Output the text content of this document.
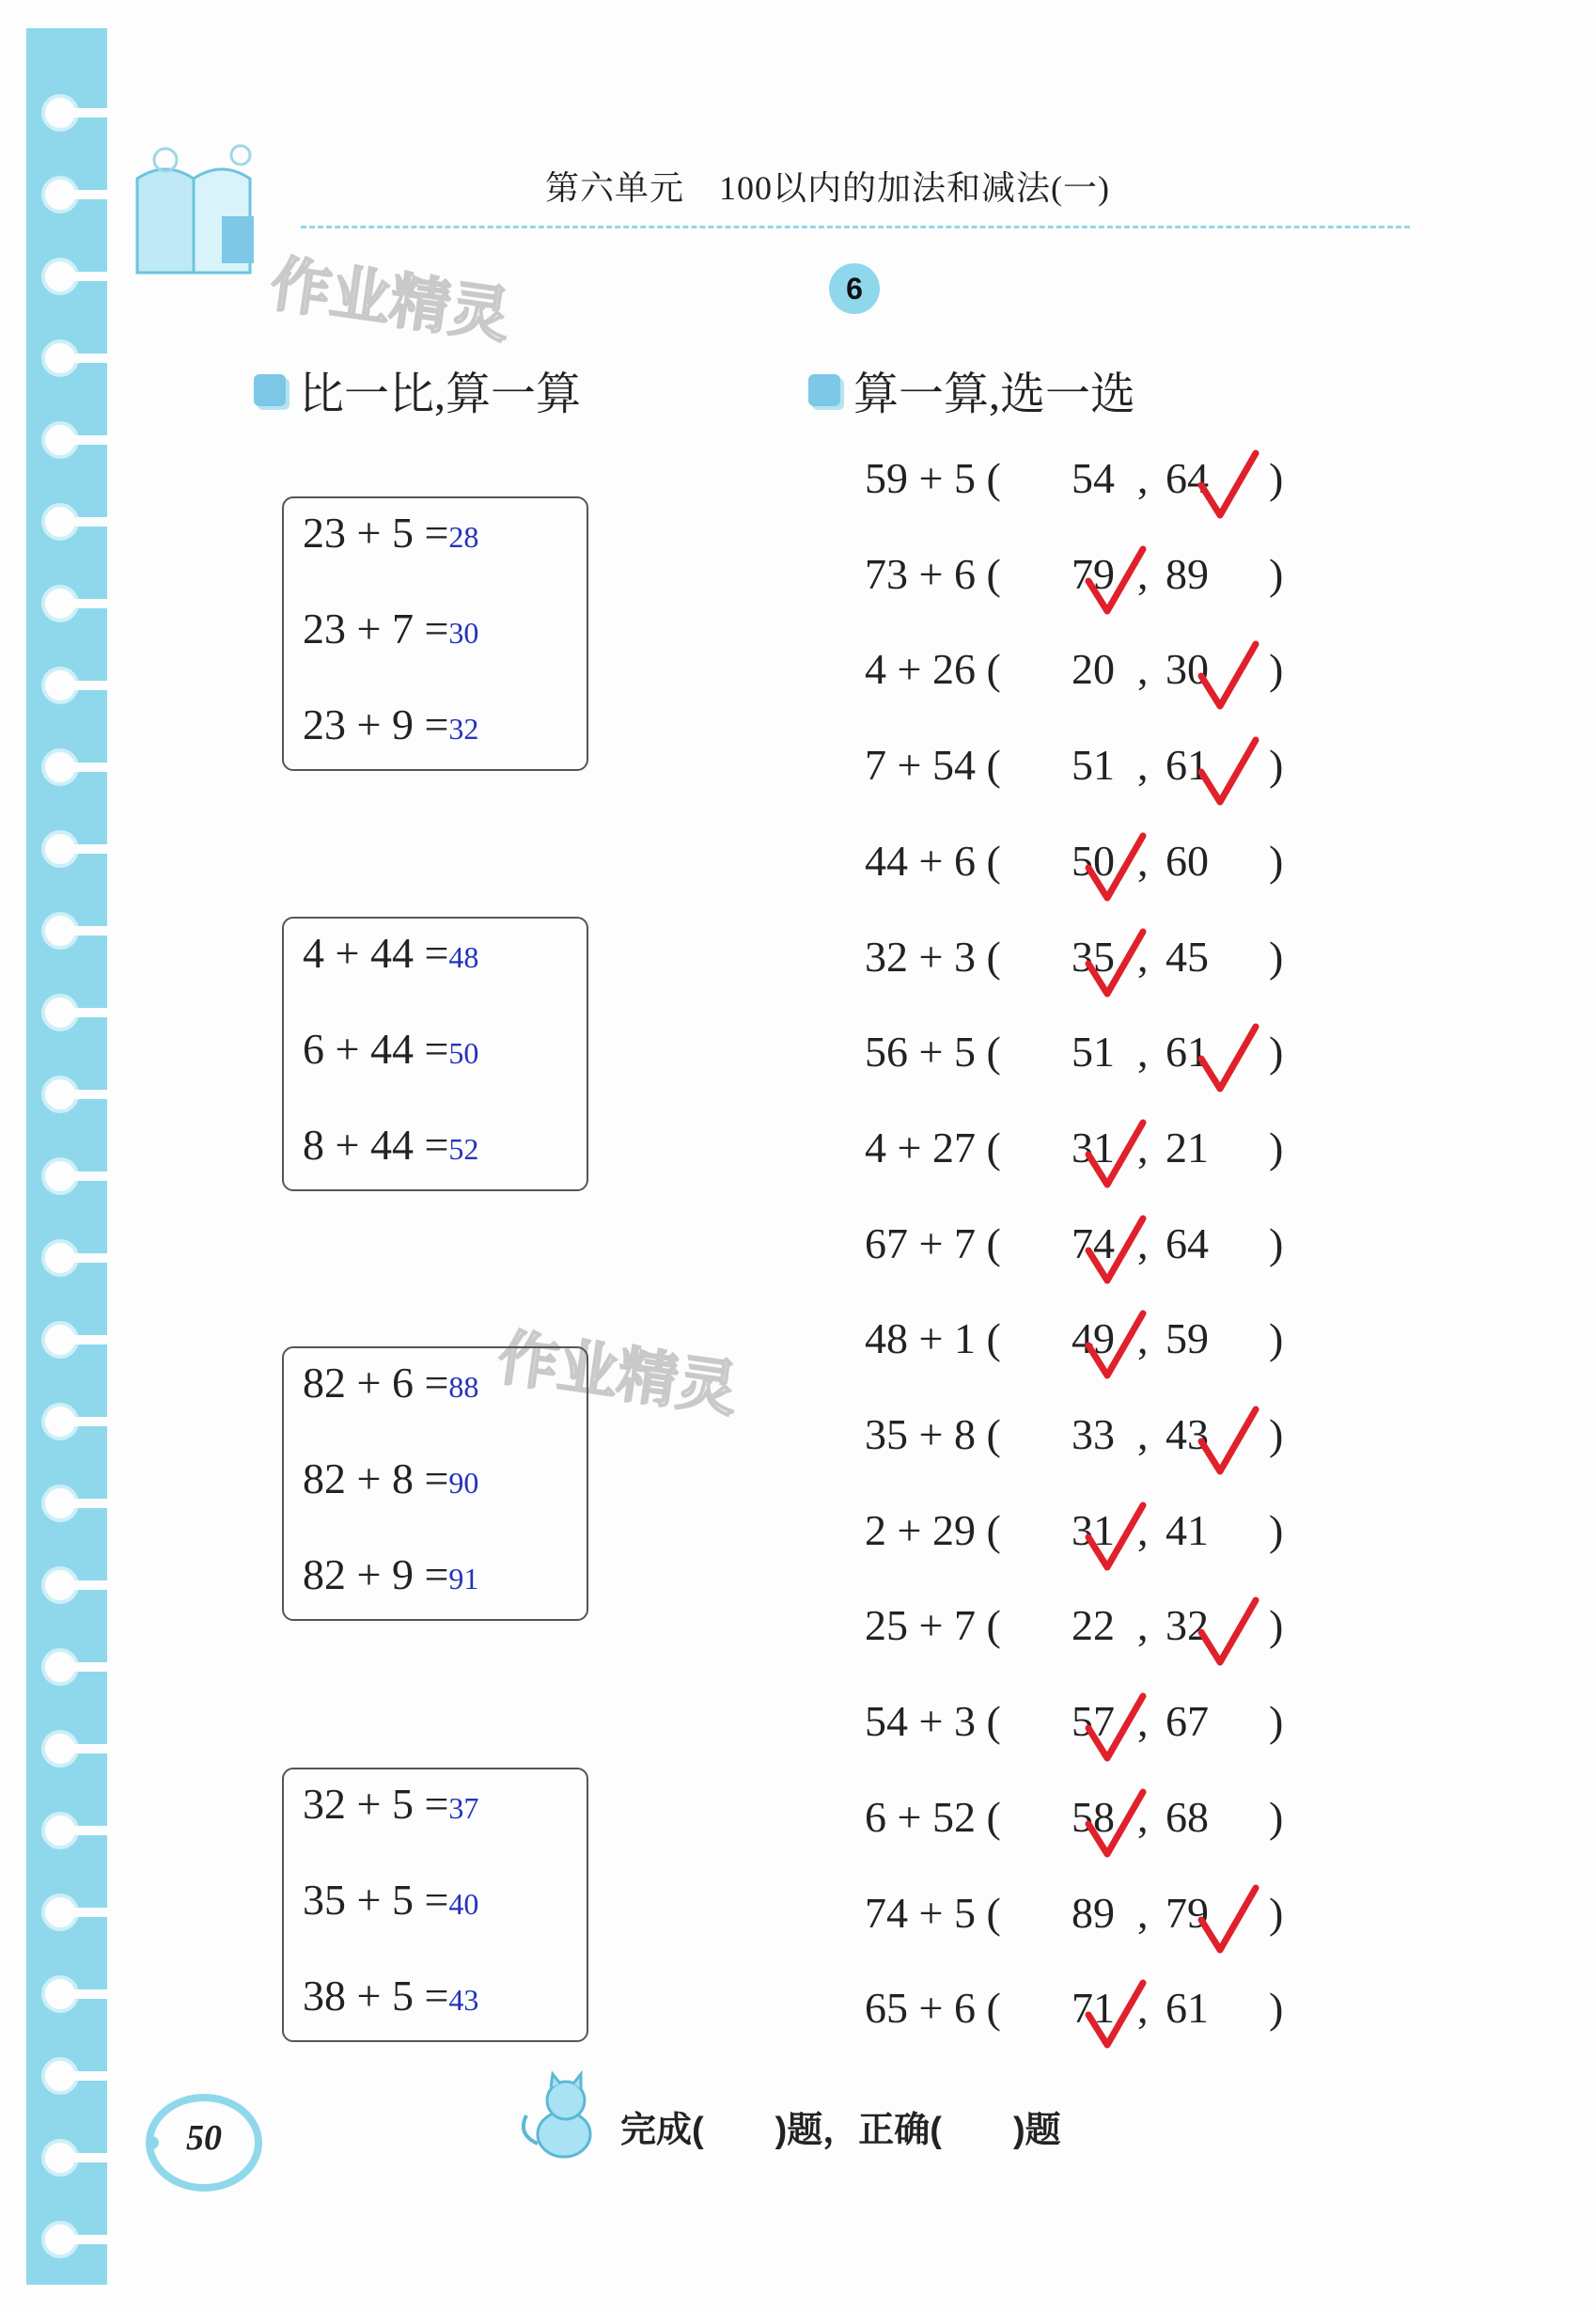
第六单元　100以内的加法和减法(一)
6
作业精灵
作业精灵
比一比,算一算	算一算,选一选
23 + 5 =28
23 + 7 =30
23 + 9 =32
4 + 44 =48
6 + 44 =50
8 + 44 =52
82 + 6 =88
82 + 8 =90
82 + 9 =91
32 + 5 =37
35 + 5 =40
38 + 5 =43
59 + 5 ( 54 , 64 )
73 + 6 ( 79 , 89 )
4 + 26 ( 20 , 30 )
7 + 54 ( 51 , 61 )
44 + 6 ( 50 , 60 )
32 + 3 ( 35 , 45 )
56 + 5 ( 51 , 61 )
4 + 27 ( 31 , 21 )
67 + 7 ( 74 , 64 )
48 + 1 ( 49 , 59 )
35 + 8 ( 33 , 43 )
2 + 29 ( 31 , 41 )
25 + 7 ( 22 , 32 )
54 + 3 ( 57 , 67 )
6 + 52 ( 58 , 68 )
74 + 5 ( 89 , 79 )
65 + 6 ( 71 , 61 )
完成(　　)题，正确(　　)题
50
